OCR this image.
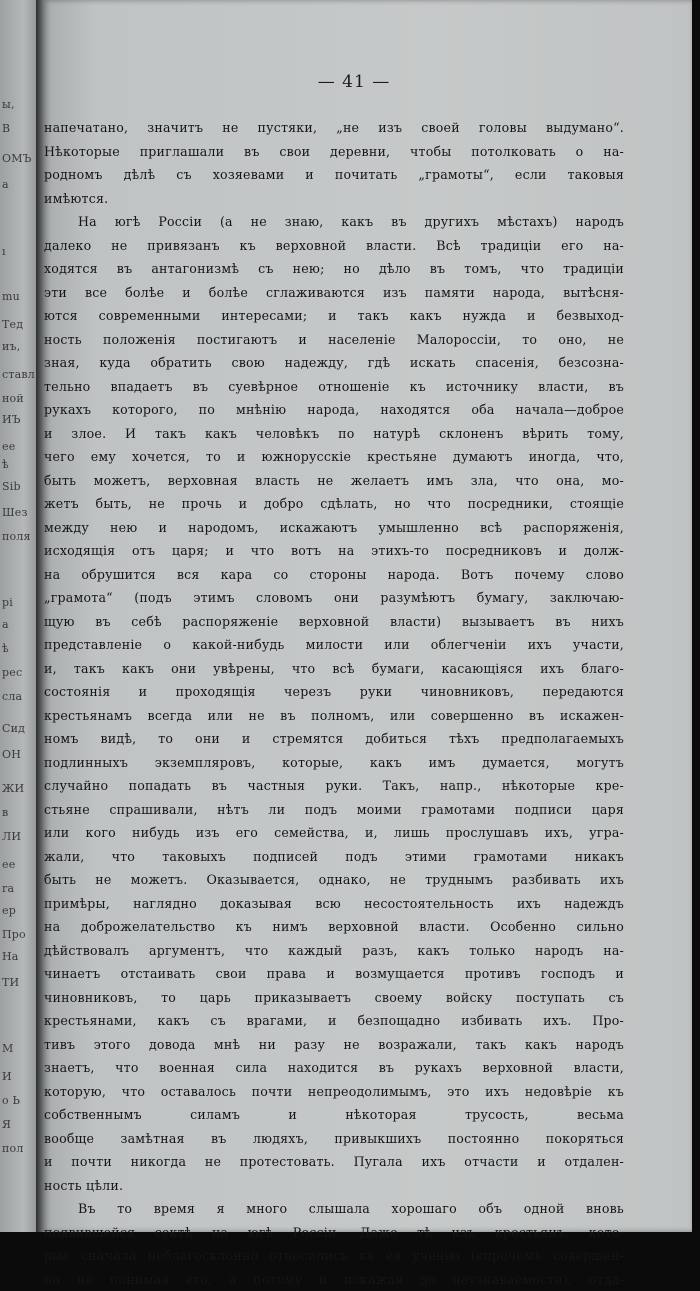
ы,
B
ОМЪ
a
ı
mu
Тед
иъ,
ставл
ной
ИЪ
ee
ѣ
Sib
Шез
поля
pi
a
ѣ
рес
сла
Сид
OH
ЖИ
в
ЛИ
ee
ra
ep
Про
Ha
ТИ
M
И
о Ь
Я
пол
— 41 —
напечатано, значитъ не пустяки, „не изъ своей головы выдумано“.
Нѣкоторые приглашали въ свои деревни, чтобы потолковать о на-
родномъ дѣлѣ съ хозяевами и почитать „грамоты“, если таковыя
имѣются.
На югѣ Россіи (а не знаю, какъ въ другихъ мѣстахъ) народъ
далеко не привязанъ къ верховной власти. Всѣ традиціи его на-
ходятся въ антагонизмѣ съ нею; но дѣло въ томъ, что традиціи
эти все болѣе и болѣе сглаживаются изъ памяти народа, вытѣсня-
ются современными интересами; и такъ какъ нужда и безвыход-
ность положенія постигаютъ и населеніе Малороссіи, то оно, не
зная, куда обратить свою надежду, гдѣ искать спасенія, безсозна-
тельно впадаетъ въ суевѣрное отношеніе къ источнику власти, въ
рукахъ которого, по мнѣнію народа, находятся оба начала—доброе
и злое. И такъ какъ человѣкъ по натурѣ склоненъ вѣрить тому,
чего ему хочется, то и южнорусскіе крестьяне думаютъ иногда, что,
быть можетъ, верховная власть не желаетъ имъ зла, что она, мо-
жетъ быть, не прочь и добро сдѣлать, но что посредники, стоящіе
между нею и народомъ, искажаютъ умышленно всѣ распоряженія,
исходящія отъ царя; и что вотъ на этихъ-то посредниковъ и долж-
на обрушится вся кара со стороны народа. Вотъ почему слово
„грамота“ (подъ этимъ словомъ они разумѣютъ бумагу, заключаю-
щую въ себѣ распоряженіе верховной власти) вызываетъ въ нихъ
представленіе о какой-нибудь милости или облегченіи ихъ участи,
и, такъ какъ они увѣрены, что всѣ бумаги, касающіяся ихъ благо-
состоянія и проходящія черезъ руки чиновниковъ, передаются
крестьянамъ всегда или не въ полномъ, или совершенно въ искажен-
номъ видѣ, то они и стремятся добиться тѣхъ предполагаемыхъ
подлинныхъ экземпляровъ, которые, какъ имъ думается, могутъ
случайно попадать въ частныя руки. Такъ, напр., нѣкоторые кре-
стьяне спрашивали, нѣтъ ли подъ моими грамотами подписи царя
или кого нибудь изъ его семейства, и, лишь прослушавъ ихъ, угра-
жали, что таковыхъ подписей подъ этими грамотами никакъ
быть не можетъ. Оказывается, однако, не труднымъ разбивать ихъ
примѣры, наглядно доказывая всю несостоятельность ихъ надеждъ
на доброжелательство къ нимъ верховной власти. Особенно сильно
дѣйствовалъ аргументъ, что каждый разъ, какъ только народъ на-
чинаетъ отстаивать свои права и возмущается противъ господъ и
чиновниковъ, то царь приказываетъ своему войску поступать съ
крестьянами, какъ съ врагами, и безпощадно избивать ихъ. Про-
тивъ этого довода мнѣ ни разу не возражали, такъ какъ народъ
знаетъ, что военная сила находится въ рукахъ верховной власти,
которую, что оставалось почти непреодолимымъ, это ихъ недовѣріе къ
собственнымъ силамъ и нѣкоторая трусость, весьма
вообще замѣтная въ людяхъ, привыкшихъ постоянно покоряться
и почти никогда не протестовать. Пугала ихъ отчасти и отдален-
ность цѣли.
Въ то время я много слышала хорошаго объ одной вновь
появившейся сектѣ на югѣ Россіи. Даже тѣ изъ крестьянъ, кото-
рые сначала неблагосклонно относились къ ея ученію (впрочемъ совершен-
но не понимая его, а потому и искажая до неузнаваемости), отда-
